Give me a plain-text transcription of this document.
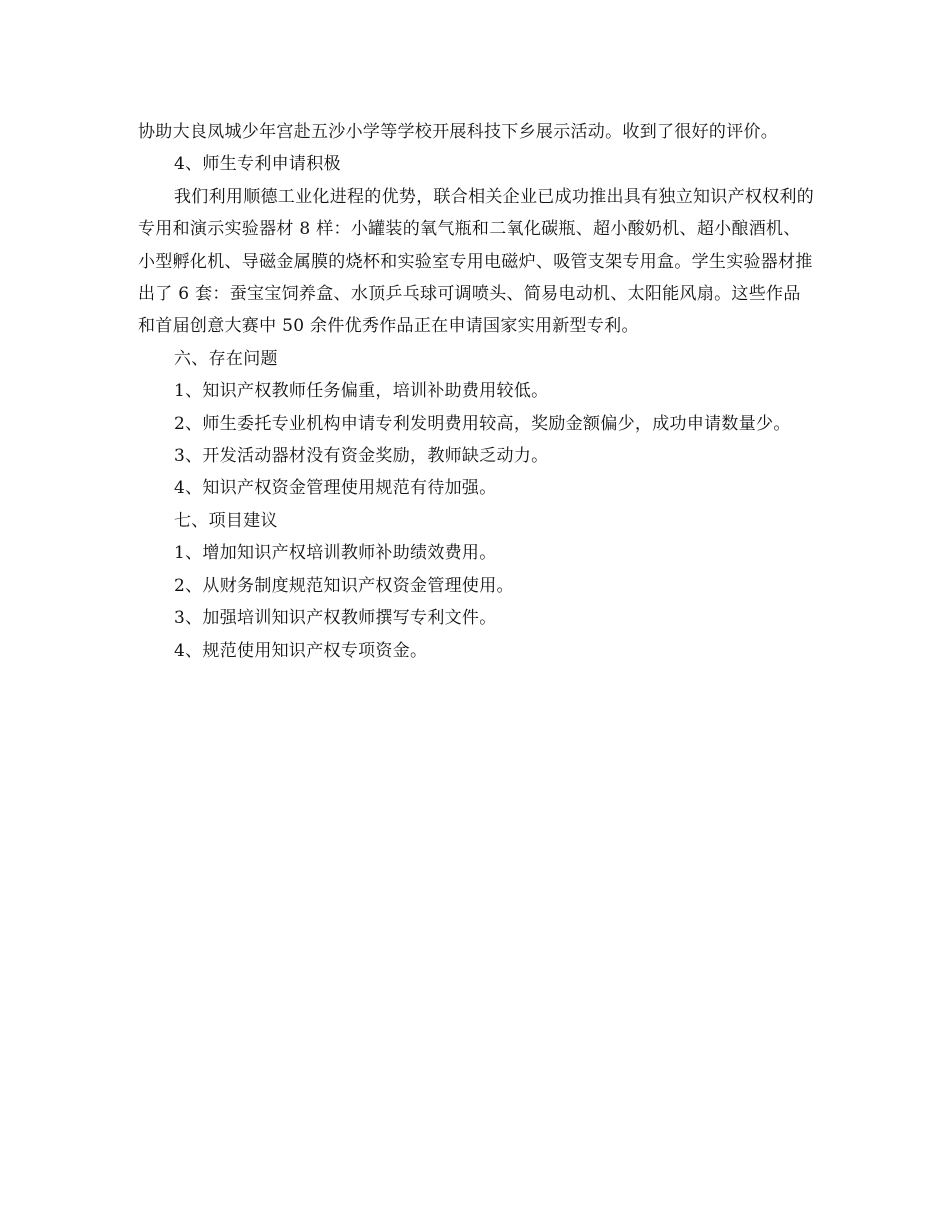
协助大良凤城少年宫赴五沙小学等学校开展科技下乡展示活动。收到了很好的评价。

4、师生专利申请积极

我们利用顺德工业化进程的优势，联合相关企业已成功推出具有独立知识产权权利的专用和演示实验器材 8 样：小罐装的氧气瓶和二氧化碳瓶、超小酸奶机、超小酿酒机、小型孵化机、导磁金属膜的烧杯和实验室专用电磁炉、吸管支架专用盒。学生实验器材推出了 6 套：蚕宝宝饲养盒、水顶乒乓球可调喷头、简易电动机、太阳能风扇。这些作品和首届创意大赛中 50 余件优秀作品正在申请国家实用新型专利。

六、存在问题

1、知识产权教师任务偏重，培训补助费用较低。

2、师生委托专业机构申请专利发明费用较高，奖励金额偏少，成功申请数量少。

3、开发活动器材没有资金奖励，教师缺乏动力。

4、知识产权资金管理使用规范有待加强。

七、项目建议

1、增加知识产权培训教师补助绩效费用。

2、从财务制度规范知识产权资金管理使用。

3、加强培训知识产权教师撰写专利文件。

4、规范使用知识产权专项资金。
